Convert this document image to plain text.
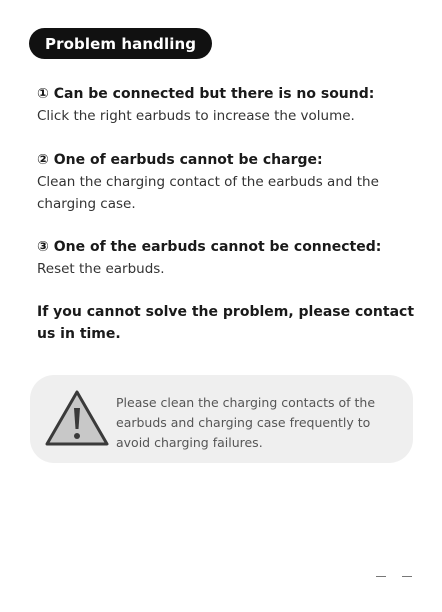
Problem handling
① Can be connected but there is no sound:
Click the right earbuds to increase the volume.
② One of earbuds cannot be charge:
Clean the charging contact of the earbuds and the charging case.
③ One of the earbuds cannot be connected:
Reset the earbuds.
If you cannot solve the problem, please contact us in time.
Please clean the charging contacts of the earbuds and charging case frequently to avoid charging failures.
